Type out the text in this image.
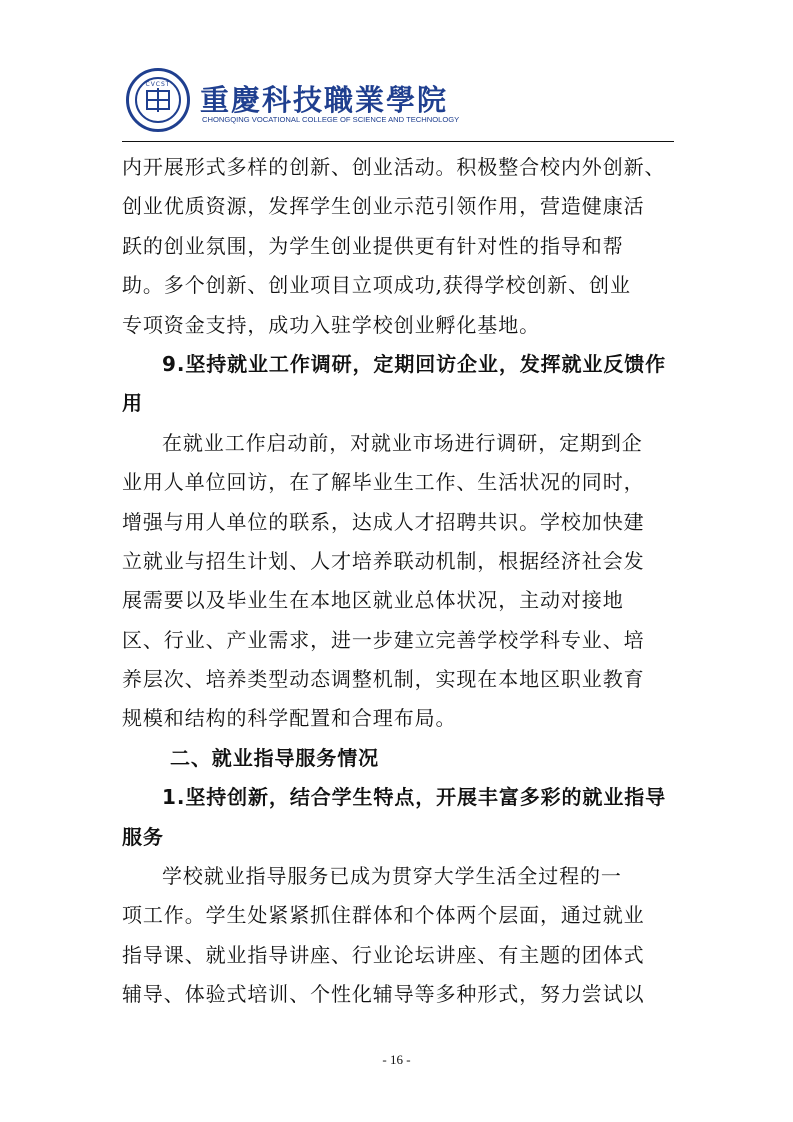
CVCST	重慶科技職業學院
CHONGQING VOCATIONAL COLLEGE OF SCIENCE AND TECHNOLOGY
内开展形式多样的创新、创业活动。积极整合校内外创新、
创业优质资源，发挥学生创业示范引领作用，营造健康活
跃的创业氛围，为学生创业提供更有针对性的指导和帮
助。多个创新、创业项目立项成功,获得学校创新、创业
专项资金支持，成功入驻学校创业孵化基地。
9.坚持就业工作调研，定期回访企业，发挥就业反馈作
用
在就业工作启动前，对就业市场进行调研，定期到企
业用人单位回访，在了解毕业生工作、生活状况的同时，
增强与用人单位的联系，达成人才招聘共识。学校加快建
立就业与招生计划、人才培养联动机制，根据经济社会发
展需要以及毕业生在本地区就业总体状况，主动对接地
区、行业、产业需求，进一步建立完善学校学科专业、培
养层次、培养类型动态调整机制，实现在本地区职业教育
规模和结构的科学配置和合理布局。
二、就业指导服务情况
1.坚持创新，结合学生特点，开展丰富多彩的就业指导
服务
学校就业指导服务已成为贯穿大学生活全过程的一
项工作。学生处紧紧抓住群体和个体两个层面，通过就业
指导课、就业指导讲座、行业论坛讲座、有主题的团体式
辅导、体验式培训、个性化辅导等多种形式，努力尝试以
- 16 -
